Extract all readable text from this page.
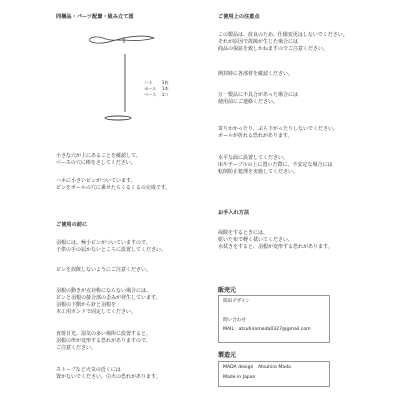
同梱品・パーツ配置・組み立て図
ハネ 1枚
ポール 1本
ベース 1コ
小さな穴が上にあることを確認して、
ベースの穴に棒をさしてください。
ハネに小さいピンがついています。
ピンをポールの穴に乗せたらくるくるの完成です。
ご使用の前に
羽根には、極小ピンがついていますので、
子供の手の届かないところに設置してください。
ピンを誤飲しないようにご注意ください。
羽根の動きが点対称にならない場合には、
ピンと羽根の接合部の歪みが発生しています。
羽根の下側から針と羽根を
木工用ボンドで固定してください。
直射日光、湿気の多い場所に設置すると、
羽根の形が変形する恐れがありますので、
ご注意ください。
ストーブなど火気の近くには
置かないでください。引火の恐れがあります。
ご使用上の注意点
この製品は、改良のため、仕様変更はしないでください。
それが原因で故障が生じた場合には
商品の保証を致しかねますのでご注意ください。
開封時に各部材を確認ください。
万一製品に不具合があった場合には
使用前にご連絡ください。
寄りかかったり、ぶら下がったりしないでください。
ポールが折れる恐れがあります。
水平な面に設置してください。
床やテーブルの上に置いた際に、不安定な場合には
転倒防止処理を実施してください。
お手入れ方法
掃除をするときには、
乾いた布で軽く拭いてください。
水拭きをすると、羽根が変形する恐れがあります。
販売元
間田デザイン
問い合わせ
MAIL：atsuhiromada0327@gmail.com
製造元
MADA design　Atsuhiro Mada
Made in Japan
